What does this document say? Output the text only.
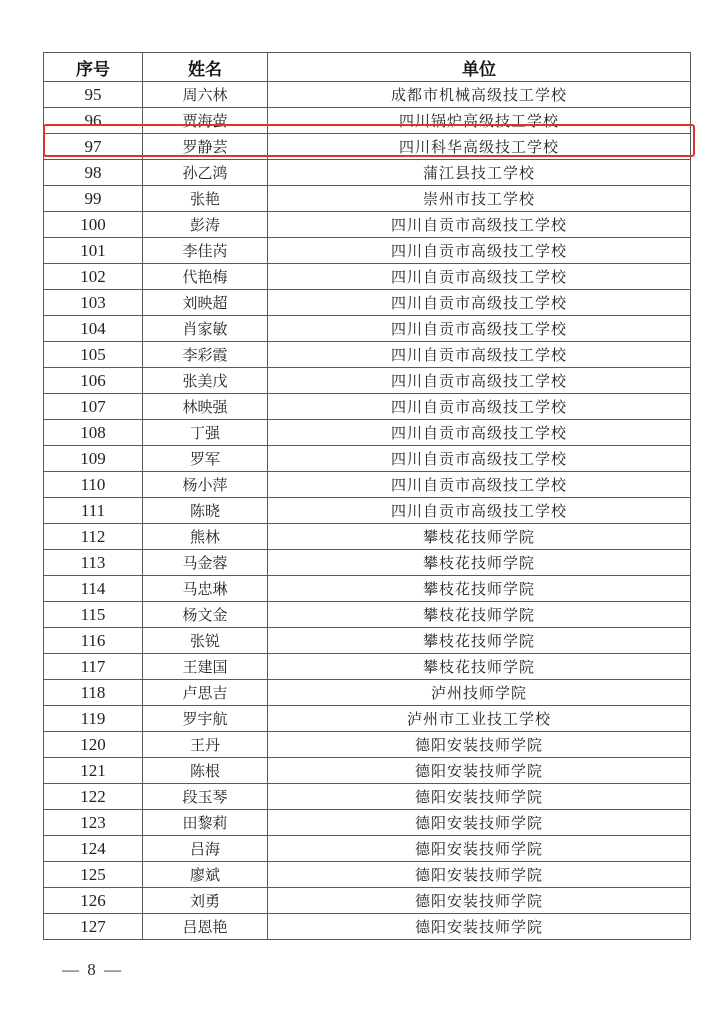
序号	姓名	单位
95	周六林	成都市机械高级技工学校
96	贾海萤	四川锅炉高级技工学校
97	罗静芸	四川科华高级技工学校
98	孙乙鸿	蒲江县技工学校
99	张艳	崇州市技工学校
100	彭涛	四川自贡市高级技工学校
101	李佳芮	四川自贡市高级技工学校
102	代艳梅	四川自贡市高级技工学校
103	刘映超	四川自贡市高级技工学校
104	肖家敏	四川自贡市高级技工学校
105	李彩霞	四川自贡市高级技工学校
106	张美戊	四川自贡市高级技工学校
107	林映强	四川自贡市高级技工学校
108	丁强	四川自贡市高级技工学校
109	罗军	四川自贡市高级技工学校
110	杨小萍	四川自贡市高级技工学校
111	陈晓	四川自贡市高级技工学校
112	熊林	攀枝花技师学院
113	马金蓉	攀枝花技师学院
114	马忠琳	攀枝花技师学院
115	杨文金	攀枝花技师学院
116	张锐	攀枝花技师学院
117	王建国	攀枝花技师学院
118	卢思吉	泸州技师学院
119	罗宇航	泸州市工业技工学校
120	王丹	德阳安装技师学院
121	陈根	德阳安装技师学院
122	段玉琴	德阳安装技师学院
123	田黎莉	德阳安装技师学院
124	吕海	德阳安装技师学院
125	廖斌	德阳安装技师学院
126	刘勇	德阳安装技师学院
127	吕恩艳	德阳安装技师学院
— 8 —
